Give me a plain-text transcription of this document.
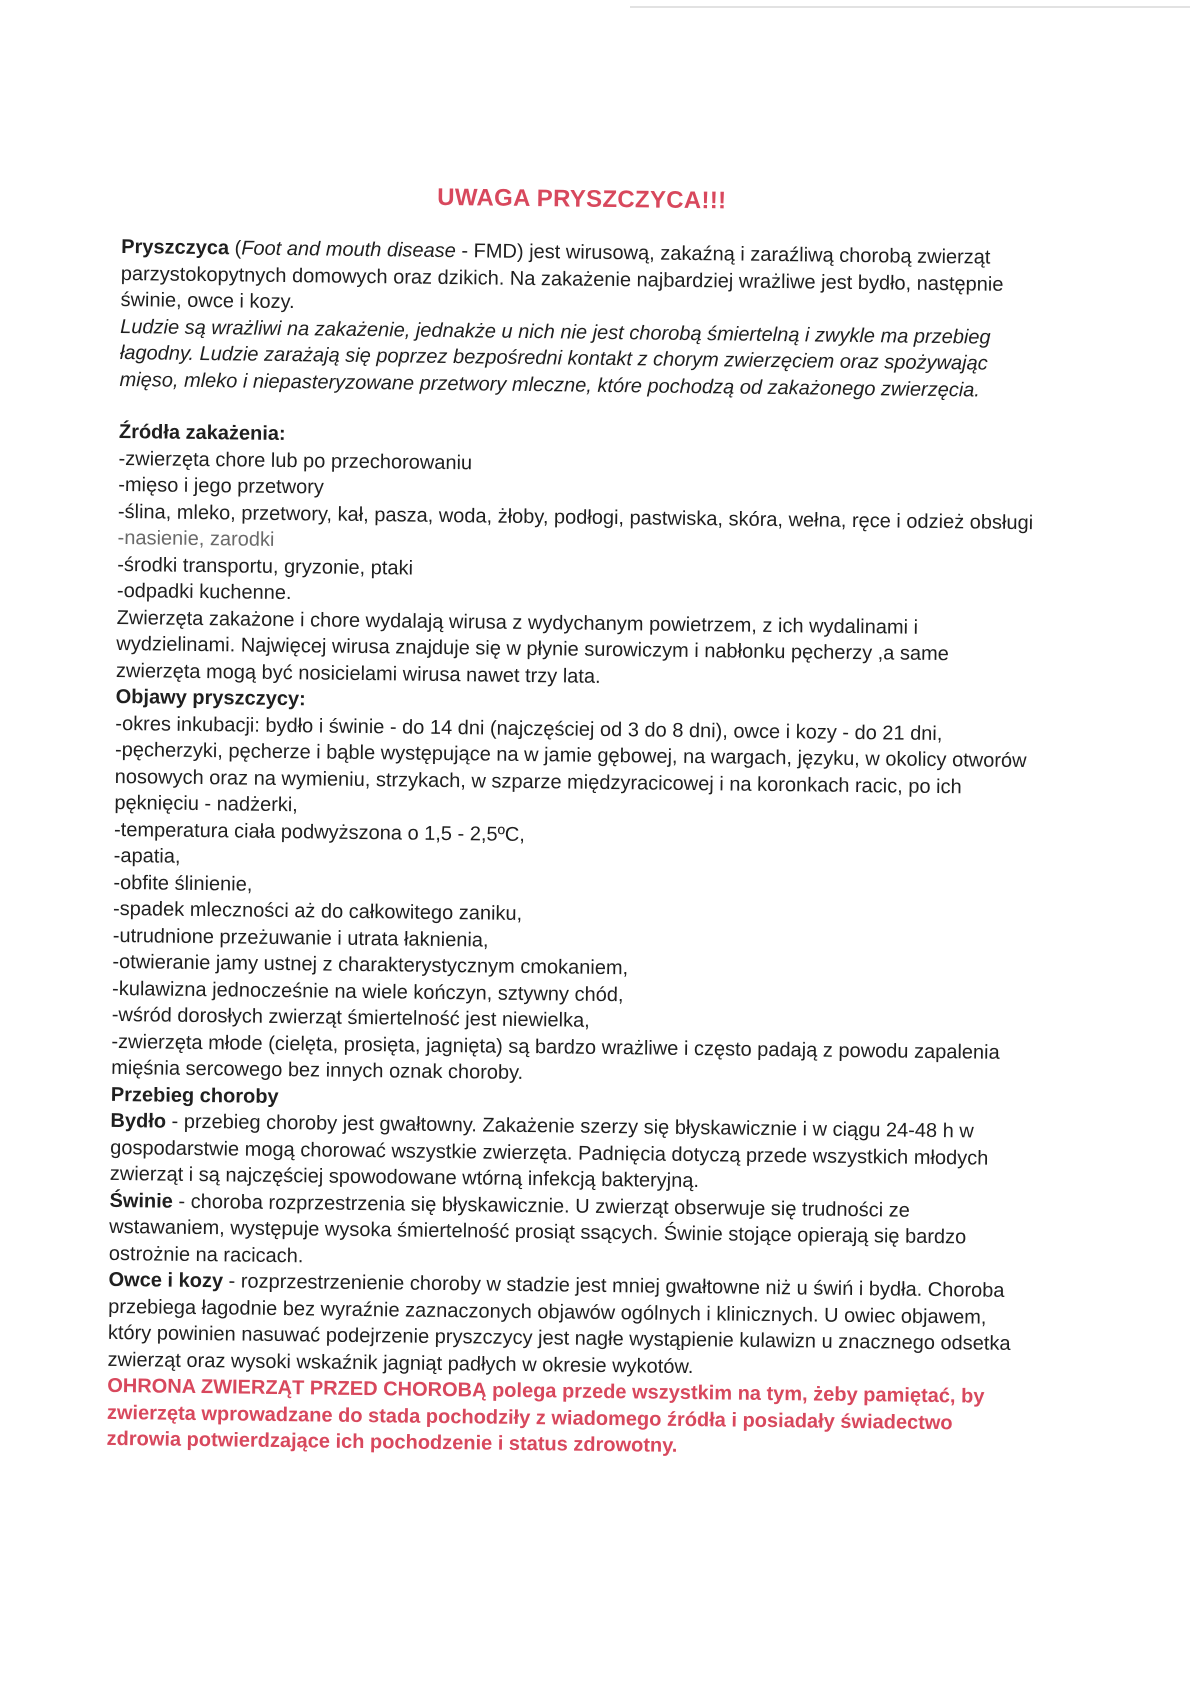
UWAGA PRYSZCZYCA!!!

Pryszczyca (Foot and mouth disease - FMD) jest wirusową, zakaźną i zaraźliwą chorobą zwierząt parzystokopytnych domowych oraz dzikich. Na zakażenie najbardziej wrażliwe jest bydło, następnie świnie, owce i kozy.

Ludzie są wrażliwi na zakażenie, jednakże u nich nie jest chorobą śmiertelną i zwykle ma przebieg łagodny. Ludzie zarażają się poprzez bezpośredni kontakt z chorym zwierzęciem oraz spożywając mięso, mleko i niepasteryzowane przetwory mleczne, które pochodzą od zakażonego zwierzęcia.

Źródła zakażenia:

-zwierzęta chore lub po przechorowaniu

-mięso i jego przetwory

-ślina, mleko, przetwory, kał, pasza, woda, żłoby, podłogi, pastwiska, skóra, wełna, ręce i odzież obsługi

-nasienie, zarodki

-środki transportu, gryzonie, ptaki

-odpadki kuchenne.

Zwierzęta zakażone i chore wydalają wirusa z wydychanym powietrzem, z ich wydalinami i wydzielinami. Najwięcej wirusa znajduje się w płynie surowiczym i nabłonku pęcherzy ,a same zwierzęta mogą być nosicielami wirusa nawet trzy lata.

Objawy pryszczycy:

-okres inkubacji: bydło i świnie - do 14 dni (najczęściej od 3 do 8 dni), owce i kozy - do 21 dni,

-pęcherzyki, pęcherze i bąble występujące na w jamie gębowej, na wargach, języku, w okolicy otworów nosowych oraz na wymieniu, strzykach, w szparze międzyracicowej i na koronkach racic, po ich pęknięciu - nadżerki,

-temperatura ciała podwyższona o 1,5 - 2,5ºC,

-apatia,

-obfite ślinienie,

-spadek mleczności aż do całkowitego zaniku,

-utrudnione przeżuwanie i utrata łaknienia,

-otwieranie jamy ustnej z charakterystycznym cmokaniem,

-kulawizna jednocześnie na wiele kończyn, sztywny chód,

-wśród dorosłych zwierząt śmiertelność jest niewielka,

-zwierzęta młode (cielęta, prosięta, jagnięta) są bardzo wrażliwe i często padają z powodu zapalenia mięśnia sercowego bez innych oznak choroby.

Przebieg choroby

Bydło - przebieg choroby jest gwałtowny. Zakażenie szerzy się błyskawicznie i w ciągu 24-48 h w gospodarstwie mogą chorować wszystkie zwierzęta. Padnięcia dotyczą przede wszystkich młodych zwierząt i są najczęściej spowodowane wtórną infekcją bakteryjną.

Świnie - choroba rozprzestrzenia się błyskawicznie. U zwierząt obserwuje się trudności ze wstawaniem, występuje wysoka śmiertelność prosiąt ssących. Świnie stojące opierają się bardzo ostrożnie na racicach.

Owce i kozy - rozprzestrzenienie choroby w stadzie jest mniej gwałtowne niż u świń i bydła. Choroba przebiega łagodnie bez wyraźnie zaznaczonych objawów ogólnych i klinicznych. U owiec objawem, który powinien nasuwać podejrzenie pryszczycy jest nagłe wystąpienie kulawizn u znacznego odsetka zwierząt oraz wysoki wskaźnik jagniąt padłych w okresie wykotów.

OHRONA ZWIERZĄT PRZED CHOROBĄ polega przede wszystkim na tym, żeby pamiętać, by zwierzęta wprowadzane do stada pochodziły z wiadomego źródła i posiadały świadectwo zdrowia potwierdzające ich pochodzenie i status zdrowotny.
